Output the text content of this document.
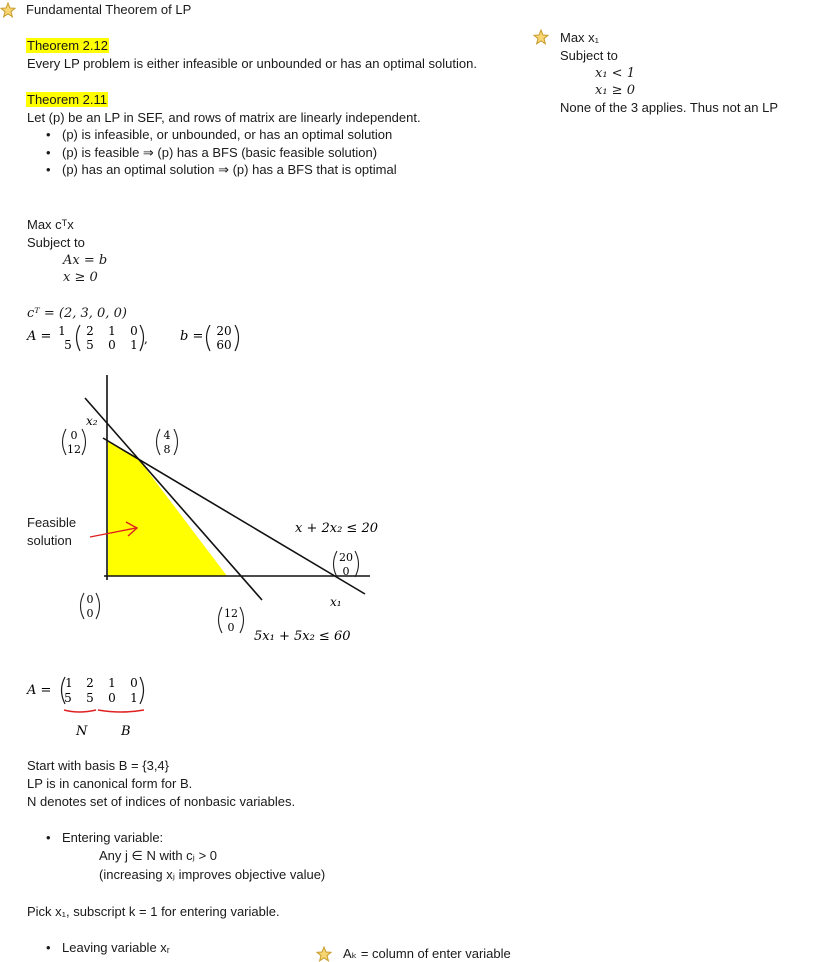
Fundamental Theorem of LP
Theorem 2.12
Every LP problem is either infeasible or unbounded or has an optimal solution.
Theorem 2.11
Let (p) be an LP in SEF, and rows of matrix are linearly independent.
• (p) is infeasible, or unbounded, or has an optimal solution
• (p) is feasible ⇒ (p) has a BFS (basic feasible solution)
• (p) has an optimal solution ⇒ (p) has a BFS that is optimal
Max x₁
Subject to
x₁ < 1
x₁ ≥ 0
None of the 3 applies. Thus not an LP
Max cᵀx
Subject to
Ax = b
x ≥ 0
cᵀ = (2, 3, 0, 0)
A = 1 2 1 0
5 5 0 1 , b = 20
60
x₂
x₁
0
12
4
8
20
0
0
0	12
0
x + 2x₂ ≤ 20
5x₁ + 5x₂ ≤ 60
Feasible
solution
A = 1 2 1 0
5 5 0 1
N	B
Start with basis B = {3,4}
LP is in canonical form for B.
N denotes set of indices of nonbasic variables.
• Entering variable:
Any j ∈ N with cⱼ > 0
(increasing xⱼ improves objective value)
Pick x₁, subscript k = 1 for entering variable.
• Leaving variable xᵣ	Aₖ = column of enter variable
